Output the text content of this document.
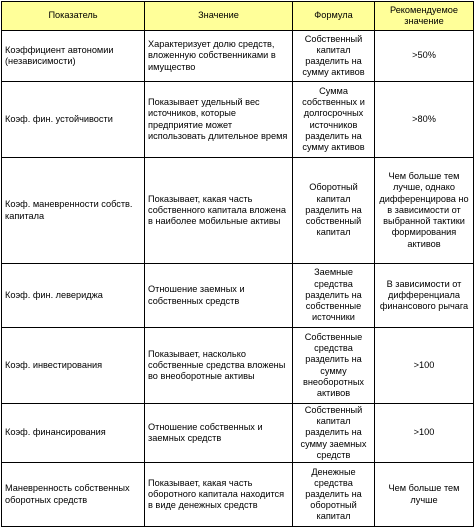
Показатель	Значение	Формула	Рекомендуемое значение
Коэффициент автономии (независимости)	Характеризует долю средств, вложенную собственниками в имущество	Собственный капитал разделить на сумму активов	>50%
Коэф. фин. устойчивости	Показывает удельный вес источников, которые предприятие может использовать длительное время	Сумма собственных и долгосрочных источников разделить на сумму активов	>80%
Коэф. маневренности собств. капитала	Показывает, какая часть собственного капитала вложена в наиболее мобильные активы	Оборотный капитал разделить на собственный капитал	Чем больше тем лучше, однако дифференцирова но в зависимости от выбранной тактики формирования активов
Коэф. фин. левериджа	Отношение заемных и собственных средств	Заемные средства разделить на собственные источники	В зависимости от дифференциала финансового рычага
Коэф. инвестирования	Показывает, насколько собственные средства вложены во внеоборотные активы	Собственные средства разделить на сумму внеоборотных активов	>100
Коэф. финансирования	Отношение собственных и заемных средств	Собственный капитал разделить на сумму заемных средств	>100
Маневренность собственных оборотных средств	Показывает, какая часть оборотного капитала находится в виде денежных средств	Денежные средства разделить на оборотный капитал	Чем больше тем лучше
